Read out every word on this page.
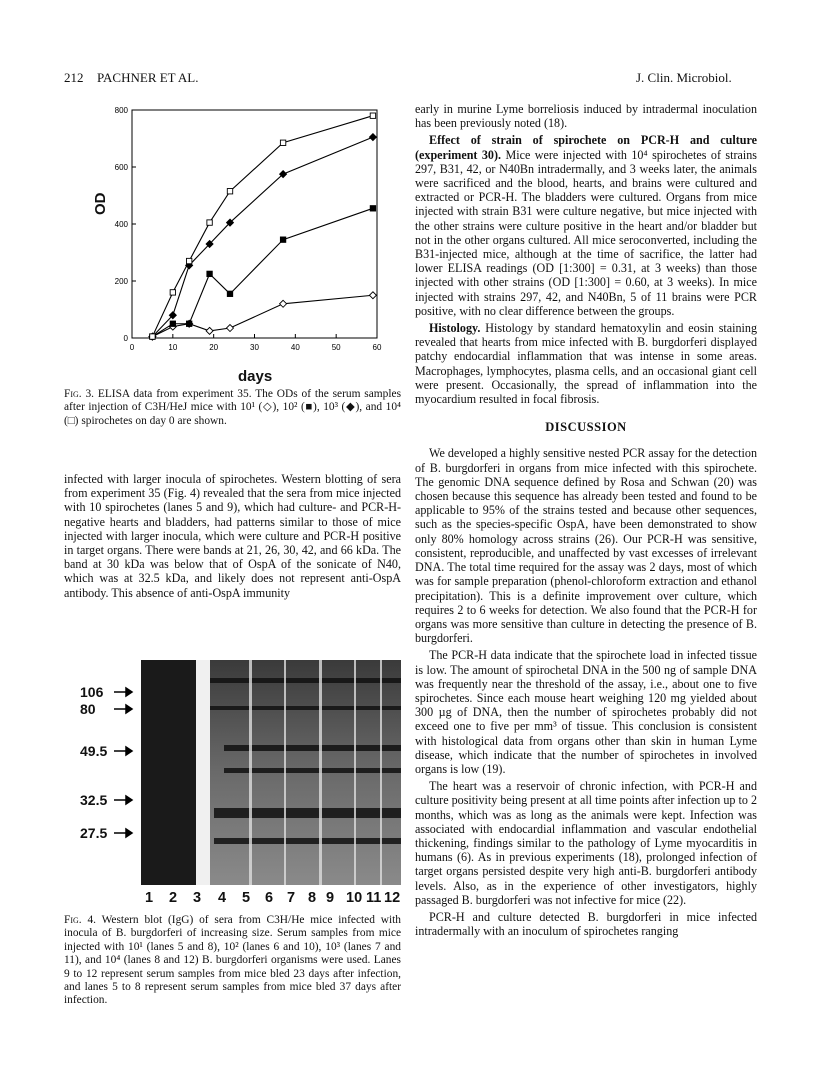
212 PACHNER ET AL.	J. Clin. Microbiol.
0	10	20	30	40	50	60
0
200
400
600
800
OD
days
Fig. 3. ELISA data from experiment 35. The ODs of the serum samples after injection of C3H/HeJ mice with 10¹ (◇), 10² (■), 10³ (◆), and 10⁴ (□) spirochetes on day 0 are shown.

infected with larger inocula of spirochetes. Western blotting of sera from experiment 35 (Fig. 4) revealed that the sera from mice injected with 10 spirochetes (lanes 5 and 9), which had culture- and PCR-H-negative hearts and bladders, had patterns similar to those of mice injected with larger inocula, which were culture and PCR-H positive in target organs. There were bands at 21, 26, 30, 42, and 66 kDa. The band at 30 kDa was below that of OspA of the sonicate of N40, which was at 32.5 kDa, and likely does not represent anti-OspA antibody. This absence of anti-OspA immunity

106
80
49.5
32.5
27.5
1 2 3 4 5 6 7 8 9 10 11 12
Fig. 4. Western blot (IgG) of sera from C3H/He mice infected with inocula of B. burgdorferi of increasing size. Serum samples from mice injected with 10¹ (lanes 5 and 8), 10² (lanes 6 and 10), 10³ (lanes 7 and 11), and 10⁴ (lanes 8 and 12) B. burgdorferi organisms were used. Lanes 9 to 12 represent serum samples from mice bled 23 days after infection, and lanes 5 to 8 represent serum samples from mice bled 37 days after infection.

early in murine Lyme borreliosis induced by intradermal inoculation has been previously noted (18).

Effect of strain of spirochete on PCR-H and culture (experiment 30). Mice were injected with 10⁴ spirochetes of strains 297, B31, 42, or N40Bn intradermally, and 3 weeks later, the animals were sacrificed and the blood, hearts, and brains were cultured and extracted or PCR-H. The bladders were cultured. Organs from mice injected with strain B31 were culture negative, but mice injected with the other strains were culture positive in the heart and/or bladder but not in the other organs cultured. All mice seroconverted, including the B31-injected mice, although at the time of sacrifice, the latter had lower ELISA readings (OD [1:300] = 0.31, at 3 weeks) than those injected with other strains (OD [1:300] = 0.60, at 3 weeks). In mice injected with strains 297, 42, and N40Bn, 5 of 11 brains were PCR positive, with no clear difference between the groups.

Histology. Histology by standard hematoxylin and eosin staining revealed that hearts from mice infected with B. burgdorferi displayed patchy endocardial inflammation that was intense in some areas. Macrophages, lymphocytes, plasma cells, and an occasional giant cell were present. Occasionally, the spread of inflammation into the myocardium resulted in focal fibrosis.

DISCUSSION

We developed a highly sensitive nested PCR assay for the detection of B. burgdorferi in organs from mice infected with this spirochete. The genomic DNA sequence defined by Rosa and Schwan (20) was chosen because this sequence has already been tested and found to be applicable to 95% of the strains tested and because other sequences, such as the species-specific OspA, have been demonstrated to show only 80% homology across strains (26). Our PCR-H was sensitive, consistent, reproducible, and unaffected by vast excesses of irrelevant DNA. The total time required for the assay was 2 days, most of which was for sample preparation (phenol-chloroform extraction and ethanol precipitation). This is a definite improvement over culture, which requires 2 to 6 weeks for detection. We also found that the PCR-H for organs was more sensitive than culture in detecting the presence of B. burgdorferi.

The PCR-H data indicate that the spirochete load in infected tissue is low. The amount of spirochetal DNA in the 500 ng of sample DNA was frequently near the threshold of the assay, i.e., about one to five spirochetes. Since each mouse heart weighing 120 mg yielded about 300 µg of DNA, then the number of spirochetes probably did not exceed one to five per mm³ of tissue. This conclusion is consistent with histological data from organs other than skin in human Lyme disease, which indicate that the number of spirochetes in involved organs is low (19).

The heart was a reservoir of chronic infection, with PCR-H and culture positivity being present at all time points after infection up to 2 months, which was as long as the animals were kept. Infection was associated with endocardial inflammation and vascular endothelial thickening, findings similar to the pathology of Lyme myocarditis in humans (6). As in previous experiments (18), prolonged infection of target organs persisted despite very high anti-B. burgdorferi antibody levels. Also, as in the experience of other investigators, highly passaged B. burgdorferi was not infective for mice (22).

PCR-H and culture detected B. burgdorferi in mice infected intradermally with an inoculum of spirochetes ranging
